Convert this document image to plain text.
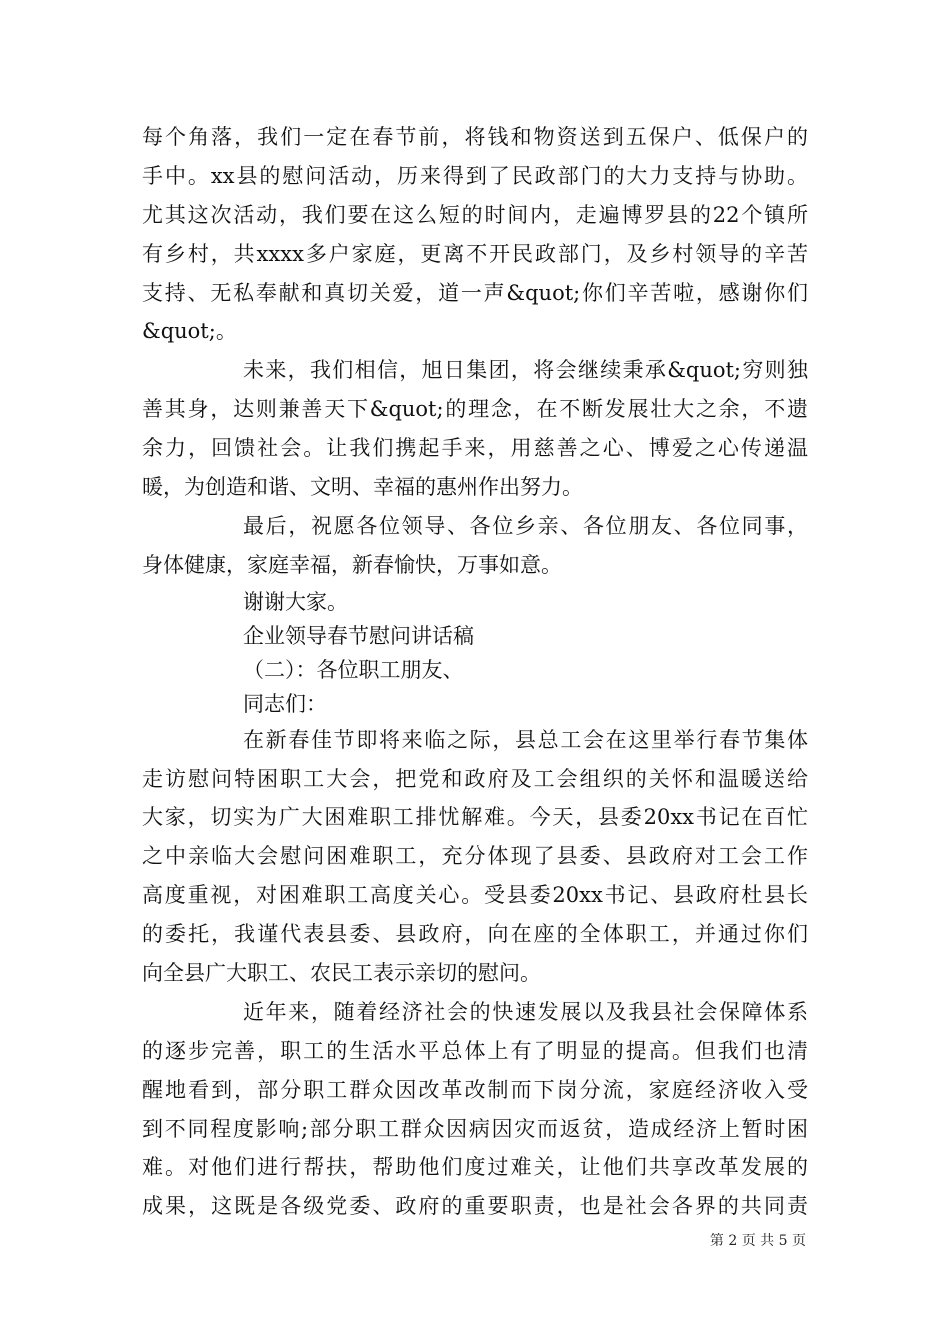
每个角落，我们一定在春节前，将钱和物资送到五保户、低保户的
手中。xx县的慰问活动，历来得到了民政部门的大力支持与协助。
尤其这次活动，我们要在这么短的时间内，走遍博罗县的22个镇所
有乡村，共xxxx多户家庭，更离不开民政部门，及乡村领导的辛苦
支持、无私奉献和真切关爱，道一声&quot;你们辛苦啦，感谢你们
&quot;。
未来，我们相信，旭日集团，将会继续秉承&quot;穷则独
善其身，达则兼善天下&quot;的理念，在不断发展壮大之余，不遗
余力，回馈社会。让我们携起手来，用慈善之心、博爱之心传递温
暖，为创造和谐、文明、幸福的惠州作出努力。
最后，祝愿各位领导、各位乡亲、各位朋友、各位同事，
身体健康，家庭幸福，新春愉快，万事如意。
谢谢大家。
企业领导春节慰问讲话稿
（二）：各位职工朋友、
同志们：
在新春佳节即将来临之际，县总工会在这里举行春节集体
走访慰问特困职工大会，把党和政府及工会组织的关怀和温暖送给
大家，切实为广大困难职工排忧解难。今天，县委20xx书记在百忙
之中亲临大会慰问困难职工，充分体现了县委、县政府对工会工作
高度重视，对困难职工高度关心。受县委20xx书记、县政府杜县长
的委托，我谨代表县委、县政府，向在座的全体职工，并通过你们
向全县广大职工、农民工表示亲切的慰问。
近年来，随着经济社会的快速发展以及我县社会保障体系
的逐步完善，职工的生活水平总体上有了明显的提高。但我们也清
醒地看到，部分职工群众因改革改制而下岗分流，家庭经济收入受
到不同程度影响;部分职工群众因病因灾而返贫，造成经济上暂时困
难。对他们进行帮扶，帮助他们度过难关，让他们共享改革发展的
成果，这既是各级党委、政府的重要职责，也是社会各界的共同责
第 2 页 共 5 页
